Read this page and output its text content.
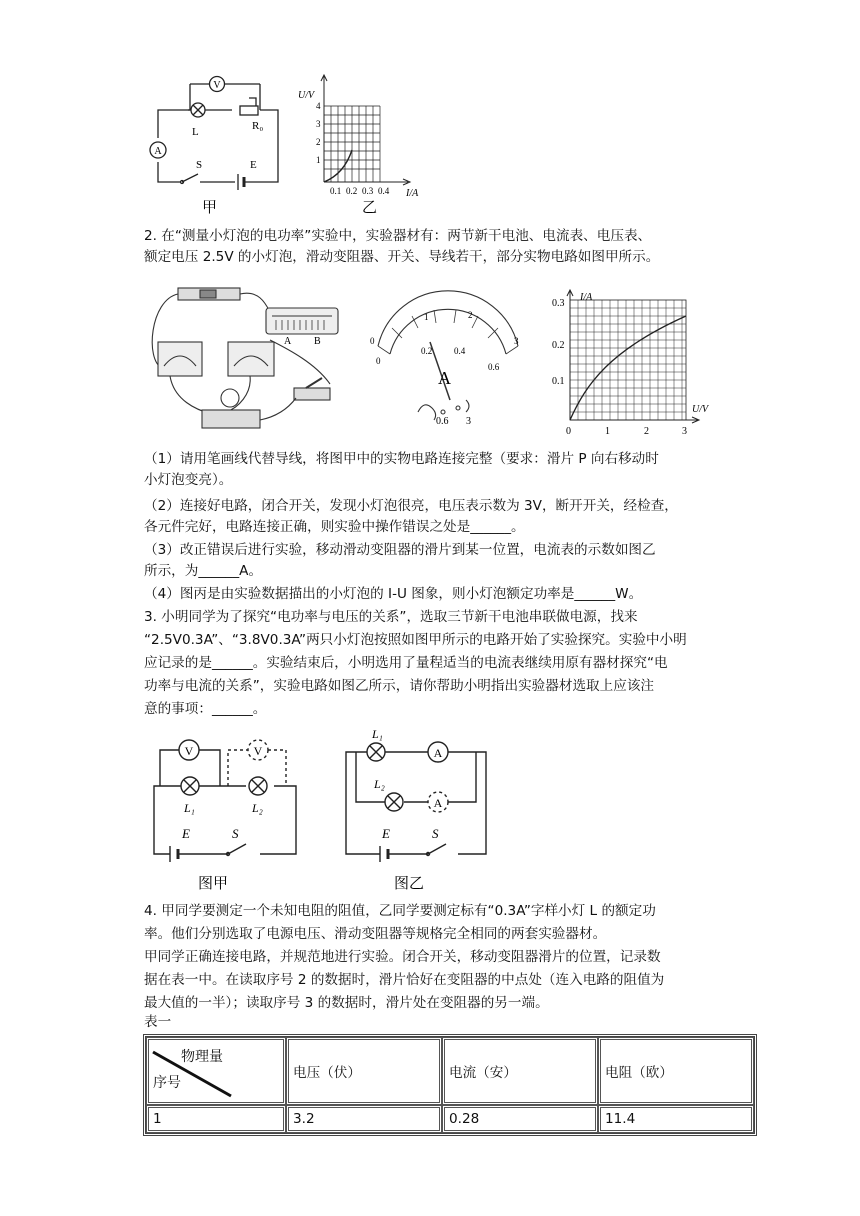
V
A
L	R₀
S	E
甲
U/V
I/A
1
2
3
4
0.1 0.2 0.3 0.4
乙
2. 在“测量小灯泡的电功率”实验中，实验器材有：两节新干电池、电流表、电压表、
额定电压 2.5V 的小灯泡，滑动变阻器、开关、导线若干，部分实物电路如图甲所示。
A B
0
0.2 0.4
0.6
0
1	2
3
A
0.6 3
I/A
U/V
0.1
0.2
0.3
0	1	2	3
（1）请用笔画线代替导线，将图甲中的实物电路连接完整（要求：滑片 P 向右移动时
小灯泡变亮）。
（2）连接好电路，闭合开关，发现小灯泡很亮，电压表示数为 3V，断开开关，经检查，
各元件完好，电路连接正确，则实验中操作错误之处是______。
（3）改正错误后进行实验，移动滑动变阻器的滑片到某一位置，电流表的示数如图乙
所示，为______A。
（4）图丙是由实验数据描出的小灯泡的 I-U 图象，则小灯泡额定功率是______W。
3. 小明同学为了探究“电功率与电压的关系”，选取三节新干电池串联做电源，找来
“2.5V0.3A”、“3.8V0.3A”两只小灯泡按照如图甲所示的电路开始了实验探究。实验中小明
应记录的是______。实验结束后，小明选用了量程适当的电流表继续用原有器材探究“电
功率与电流的关系”，实验电路如图乙所示，请你帮助小明指出实验器材选取上应该注
意的事项：______。
V	V
L₁	L₂
E	S
图甲
A
A
L₁
L₂
E	S
图乙
4. 甲同学要测定一个未知电阻的阻值，乙同学要测定标有“0.3A”字样小灯 L 的额定功
率。他们分别选取了电源电压、滑动变阻器等规格完全相同的两套实验器材。
甲同学正确连接电路，并规范地进行实验。闭合开关，移动变阻器滑片的位置，记录数
据在表一中。在读取序号 2 的数据时，滑片恰好在变阻器的中点处（连入电路的阻值为
最大值的一半）；读取序号 3 的数据时，滑片处在变阻器的另一端。
表一
物理量
序号	电压（伏）	电流（安）	电阻（欧）
1	3.2	0.28	11.4
